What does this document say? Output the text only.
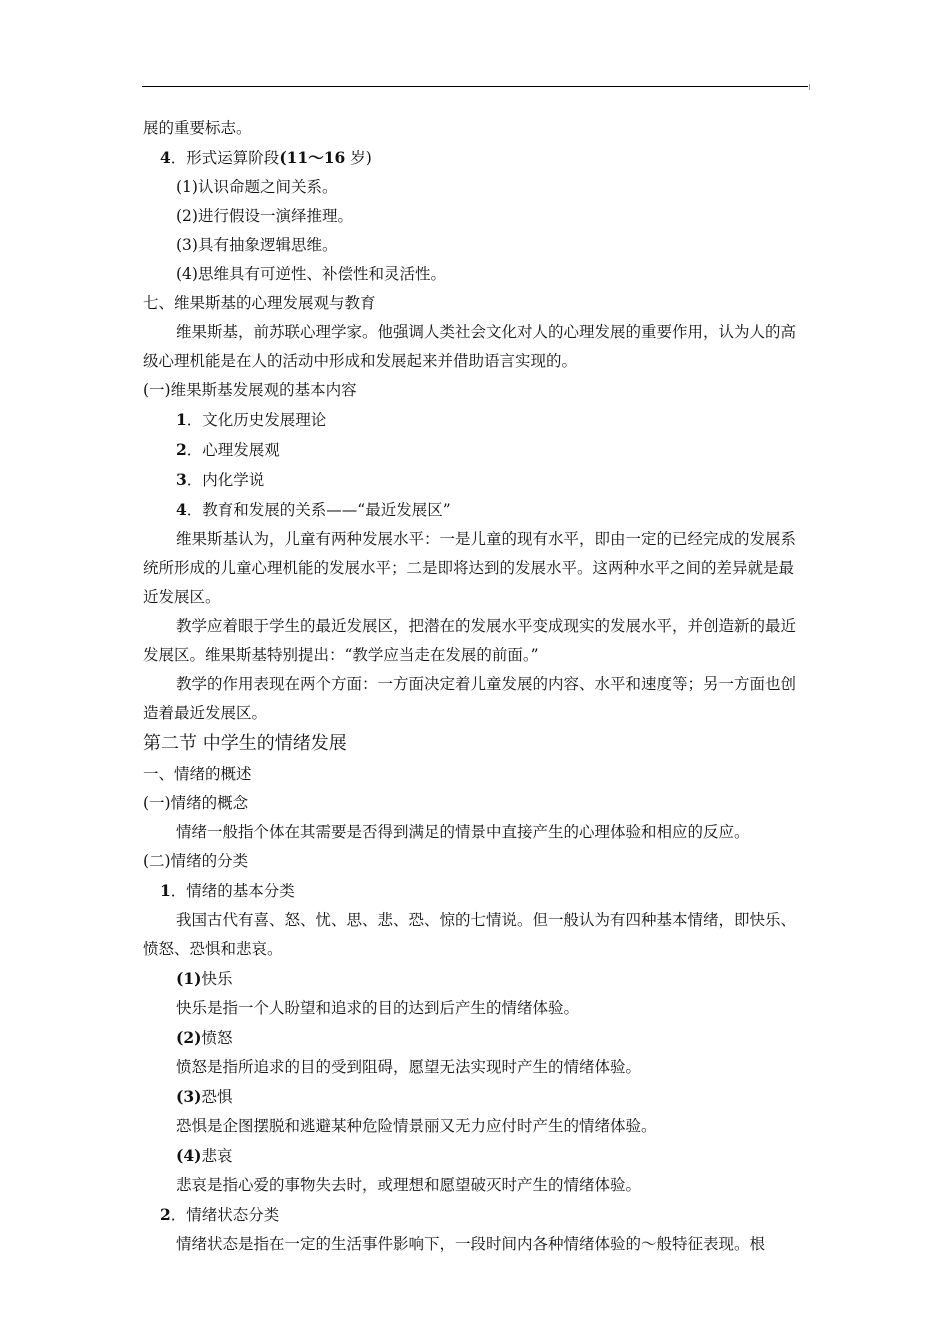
展的重要标志。

4．形式运算阶段(11～16 岁)

(1)认识命题之间关系。

(2)进行假设一演绎推理。

(3)具有抽象逻辑思维。

(4)思维具有可逆性、补偿性和灵活性。

七、维果斯基的心理发展观与教育

维果斯基，前苏联心理学家。他强调人类社会文化对人的心理发展的重要作用，认为人的高级心理机能是在人的活动中形成和发展起来并借助语言实现的。

(一)维果斯基发展观的基本内容

1．文化历史发展理论

2．心理发展观

3．内化学说

4．教育和发展的关系——“最近发展区”

维果斯基认为，儿童有两种发展水平：一是儿童的现有水平，即由一定的已经完成的发展系统所形成的儿童心理机能的发展水平；二是即将达到的发展水平。这两种水平之间的差异就是最近发展区。

教学应着眼于学生的最近发展区，把潜在的发展水平变成现实的发展水平，并创造新的最近发展区。维果斯基特别提出：“教学应当走在发展的前面。”

教学的作用表现在两个方面：一方面决定着儿童发展的内容、水平和速度等；另一方面也创造着最近发展区。

第二节 中学生的情绪发展

一、情绪的概述

(一)情绪的概念

情绪一般指个体在其需要是否得到满足的情景中直接产生的心理体验和相应的反应。

(二)情绪的分类

1．情绪的基本分类

我国古代有喜、怒、忧、思、悲、恐、惊的七情说。但一般认为有四种基本情绪，即快乐、愤怒、恐惧和悲哀。

(1)快乐

快乐是指一个人盼望和追求的目的达到后产生的情绪体验。

(2)愤怒

愤怒是指所追求的目的受到阻碍，愿望无法实现时产生的情绪体验。

(3)恐惧

恐惧是企图摆脱和逃避某种危险情景丽又无力应付时产生的情绪体验。

(4)悲哀

悲哀是指心爱的事物失去时，或理想和愿望破灭时产生的情绪体验。

2．情绪状态分类

情绪状态是指在一定的生活事件影响下，一段时间内各种情绪体验的～般特征表现。根
